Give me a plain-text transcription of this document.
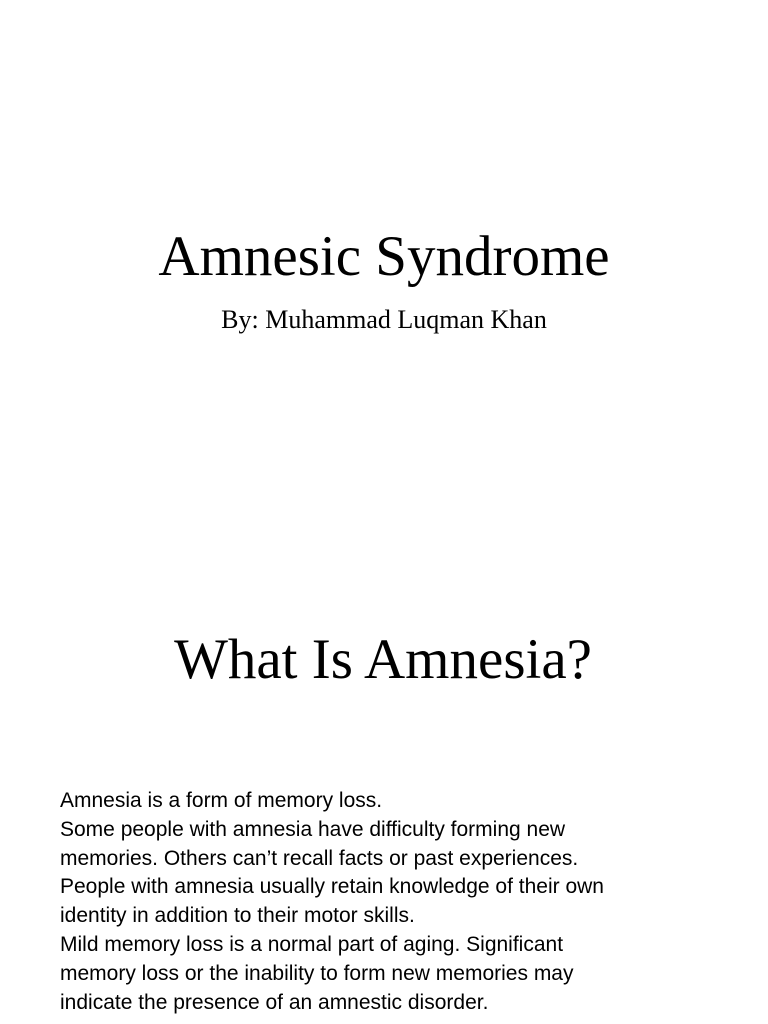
Amnesic Syndrome

By: Muhammad Luqman Khan

What Is Amnesia?
Amnesia is a form of memory loss.
Some people with amnesia have difficulty forming new
memories. Others can’t recall facts or past experiences.
People with amnesia usually retain knowledge of their own
identity in addition to their motor skills.
Mild memory loss is a normal part of aging. Significant
memory loss or the inability to form new memories may
indicate the presence of an amnestic disorder.
